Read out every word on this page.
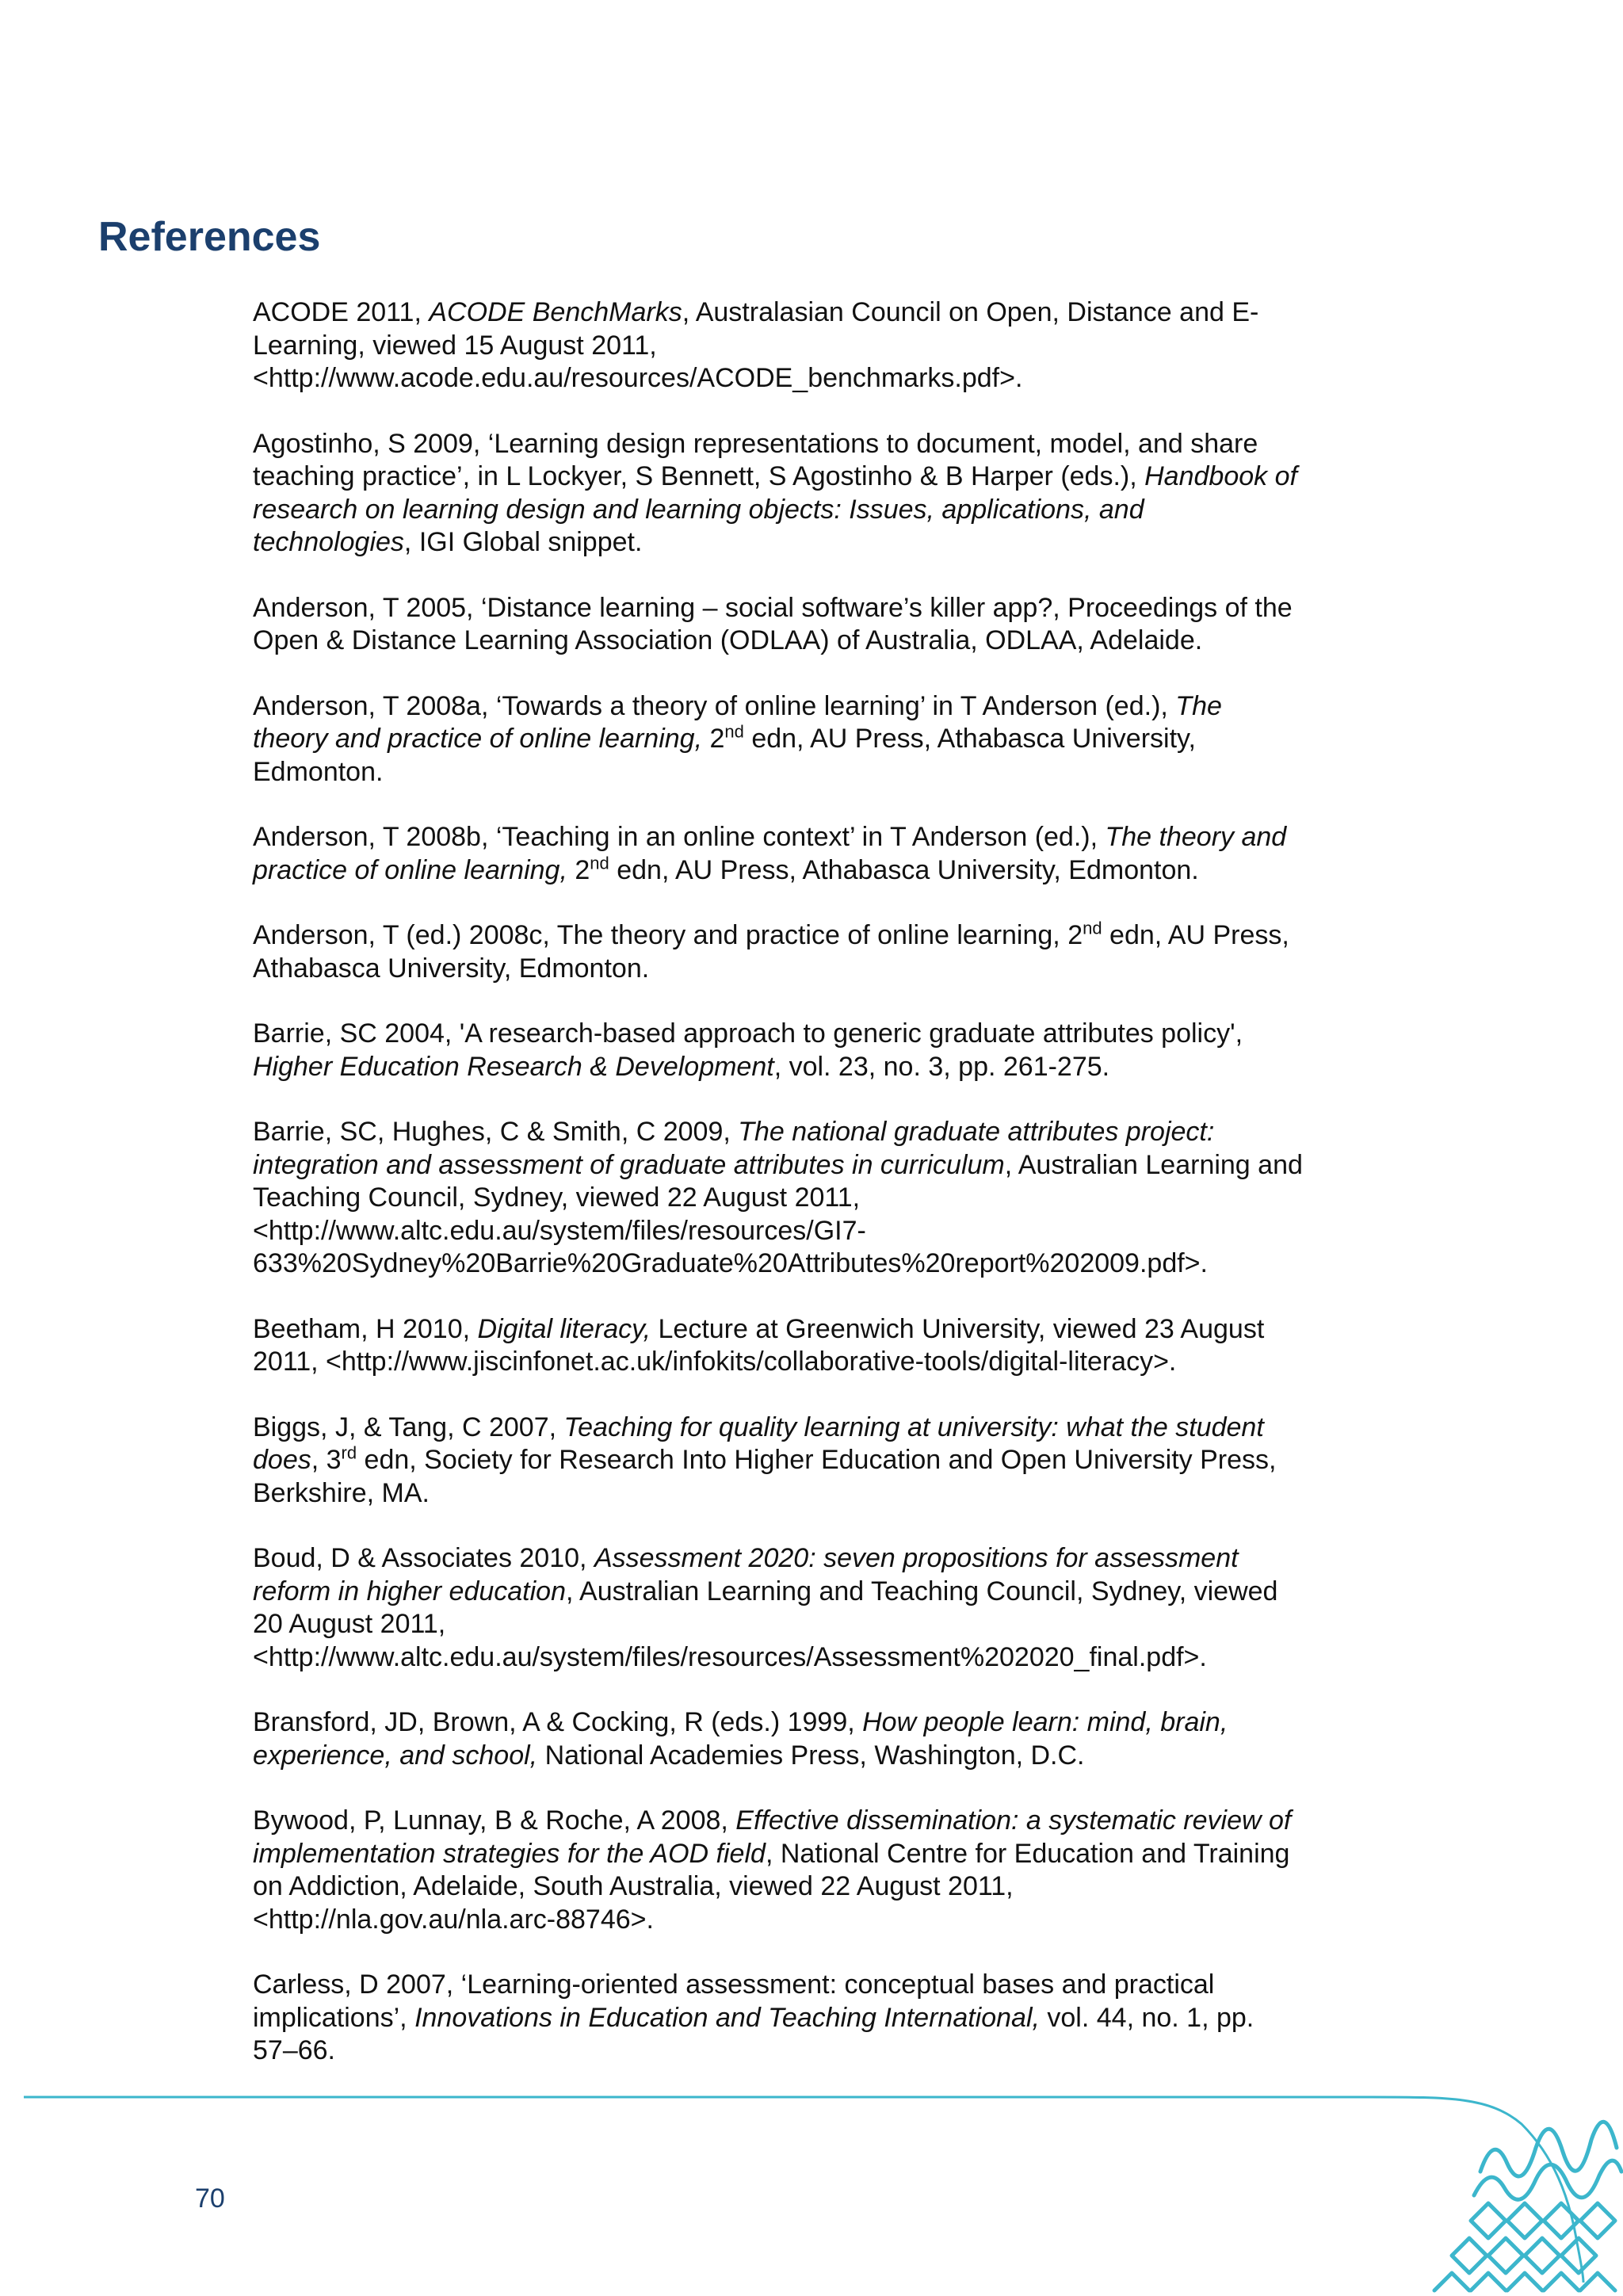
References

ACODE 2011, ACODE BenchMarks, Australasian Council on Open, Distance and E-
Learning, viewed 15 August 2011,
<http://www.acode.edu.au/resources/ACODE_benchmarks.pdf>.

Agostinho, S 2009, ‘Learning design representations to document, model, and share
teaching practice’, in L Lockyer, S Bennett, S Agostinho & B Harper (eds.), Handbook of
research on learning design and learning objects: Issues, applications, and
technologies, IGI Global snippet.

Anderson, T 2005, ‘Distance learning – social software’s killer app?, Proceedings of the
Open & Distance Learning Association (ODLAA) of Australia, ODLAA, Adelaide.

Anderson, T 2008a, ‘Towards a theory of online learning’ in T Anderson (ed.), The
theory and practice of online learning, 2nd edn, AU Press, Athabasca University,
Edmonton.

Anderson, T 2008b, ‘Teaching in an online context’ in T Anderson (ed.), The theory and
practice of online learning, 2nd edn, AU Press, Athabasca University, Edmonton.

Anderson, T (ed.) 2008c, The theory and practice of online learning, 2nd edn, AU Press,
Athabasca University, Edmonton.

Barrie, SC 2004, 'A research-based approach to generic graduate attributes policy',
Higher Education Research & Development, vol. 23, no. 3, pp. 261-275.

Barrie, SC, Hughes, C & Smith, C 2009, The national graduate attributes project:
integration and assessment of graduate attributes in curriculum, Australian Learning and
Teaching Council, Sydney, viewed 22 August 2011,
<http://www.altc.edu.au/system/files/resources/GI7-
633%20Sydney%20Barrie%20Graduate%20Attributes%20report%202009.pdf>.

Beetham, H 2010, Digital literacy, Lecture at Greenwich University, viewed 23 August
2011, <http://www.jiscinfonet.ac.uk/infokits/collaborative-tools/digital-literacy>.

Biggs, J, & Tang, C 2007, Teaching for quality learning at university: what the student
does, 3rd edn, Society for Research Into Higher Education and Open University Press,
Berkshire, MA.

Boud, D & Associates 2010, Assessment 2020: seven propositions for assessment
reform in higher education, Australian Learning and Teaching Council, Sydney, viewed
20 August 2011,
<http://www.altc.edu.au/system/files/resources/Assessment%202020_final.pdf>.

Bransford, JD, Brown, A & Cocking, R (eds.) 1999, How people learn: mind, brain,
experience, and school, National Academies Press, Washington, D.C.

Bywood, P, Lunnay, B & Roche, A 2008, Effective dissemination: a systematic review of
implementation strategies for the AOD field, National Centre for Education and Training
on Addiction, Adelaide, South Australia, viewed 22 August 2011,
<http://nla.gov.au/nla.arc-88746>.

Carless, D 2007, ‘Learning-oriented assessment: conceptual bases and practical
implications’, Innovations in Education and Teaching International, vol. 44, no. 1, pp.
57–66.

70
